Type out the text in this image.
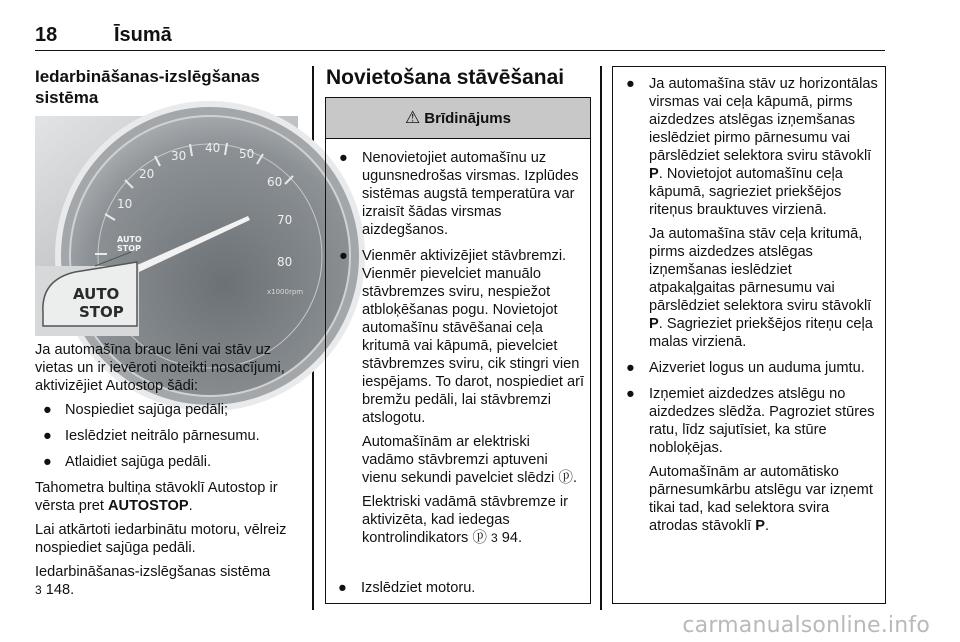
18	Īsumā
Iedarbināšanas-izslēgšanas sistēma
10
20
30
40 50
60
70
80
x1000rpm
AUTO
STOP
AUTO
STOP

Ja automašīna brauc lēni vai stāv uz vietas un ir ievēroti noteikti nosacījumi, aktivizējiet Autostop šādi:

● Nospiediet sajūga pedāli;
● Ieslēdziet neitrālo pārnesumu.
● Atlaidiet sajūga pedāli.

Tahometra bultiņa stāvoklī Autostop ir vērsta pret AUTOSTOP.

Lai atkārtoti iedarbinātu motoru, vēlreiz nospiediet sajūga pedāli.

Iedarbināšanas-izslēgšanas sistēma
3 148.

Novietošana stāvēšanai
⚠ Brīdinājums
● Nenovietojiet automašīnu uz ugunsnedrošas virsmas. Izplūdes sistēmas augstā temperatūra var izraisīt šādas virsmas aizdegšanos.
● Vienmēr aktivizējiet stāvbremzi. Vienmēr pievelciet manuālo stāvbremzes sviru, nespiežot atbloķēšanas pogu. Novietojot automašīnu stāvēšanai ceļa kritumā vai kāpumā, pievelciet stāvbremzes sviru, cik stingri vien iespējams. To darot, nospiediet arī bremžu pedāli, lai stāvbremzi atslogotu.
Automašīnām ar elektriski vadāmo stāvbremzi aptuveni vienu sekundi pavelciet slēdzi ⓟ.
Elektriski vadāmā stāvbremze ir aktivizēta, kad iedegas kontrolindikators ⓟ 3 94.
● Izslēdziet motoru.
● Ja automašīna stāv uz horizontālas virsmas vai ceļa kāpumā, pirms aizdedzes atslēgas izņemšanas ieslēdziet pirmo pārnesumu vai pārslēdziet selektora sviru stāvoklī P. Novietojot automašīnu ceļa kāpumā, sagrieziet priekšējos riteņus brauktuves virzienā.
Ja automašīna stāv ceļa kritumā, pirms aizdedzes atslēgas izņemšanas ieslēdziet atpakaļgaitas pārnesumu vai pārslēdziet selektora sviru stāvoklī P. Sagrieziet priekšējos riteņu ceļa malas virzienā.
● Aizveriet logus un auduma jumtu.
● Izņemiet aizdedzes atslēgu no aizdedzes slēdža. Pagroziet stūres ratu, līdz sajutīsiet, ka stūre nobloķējas.
Automašīnām ar automātisko pārnesumkārbu atslēgu var izņemt tikai tad, kad selektora svira atrodas stāvoklī P.
carmanualsonline.info
